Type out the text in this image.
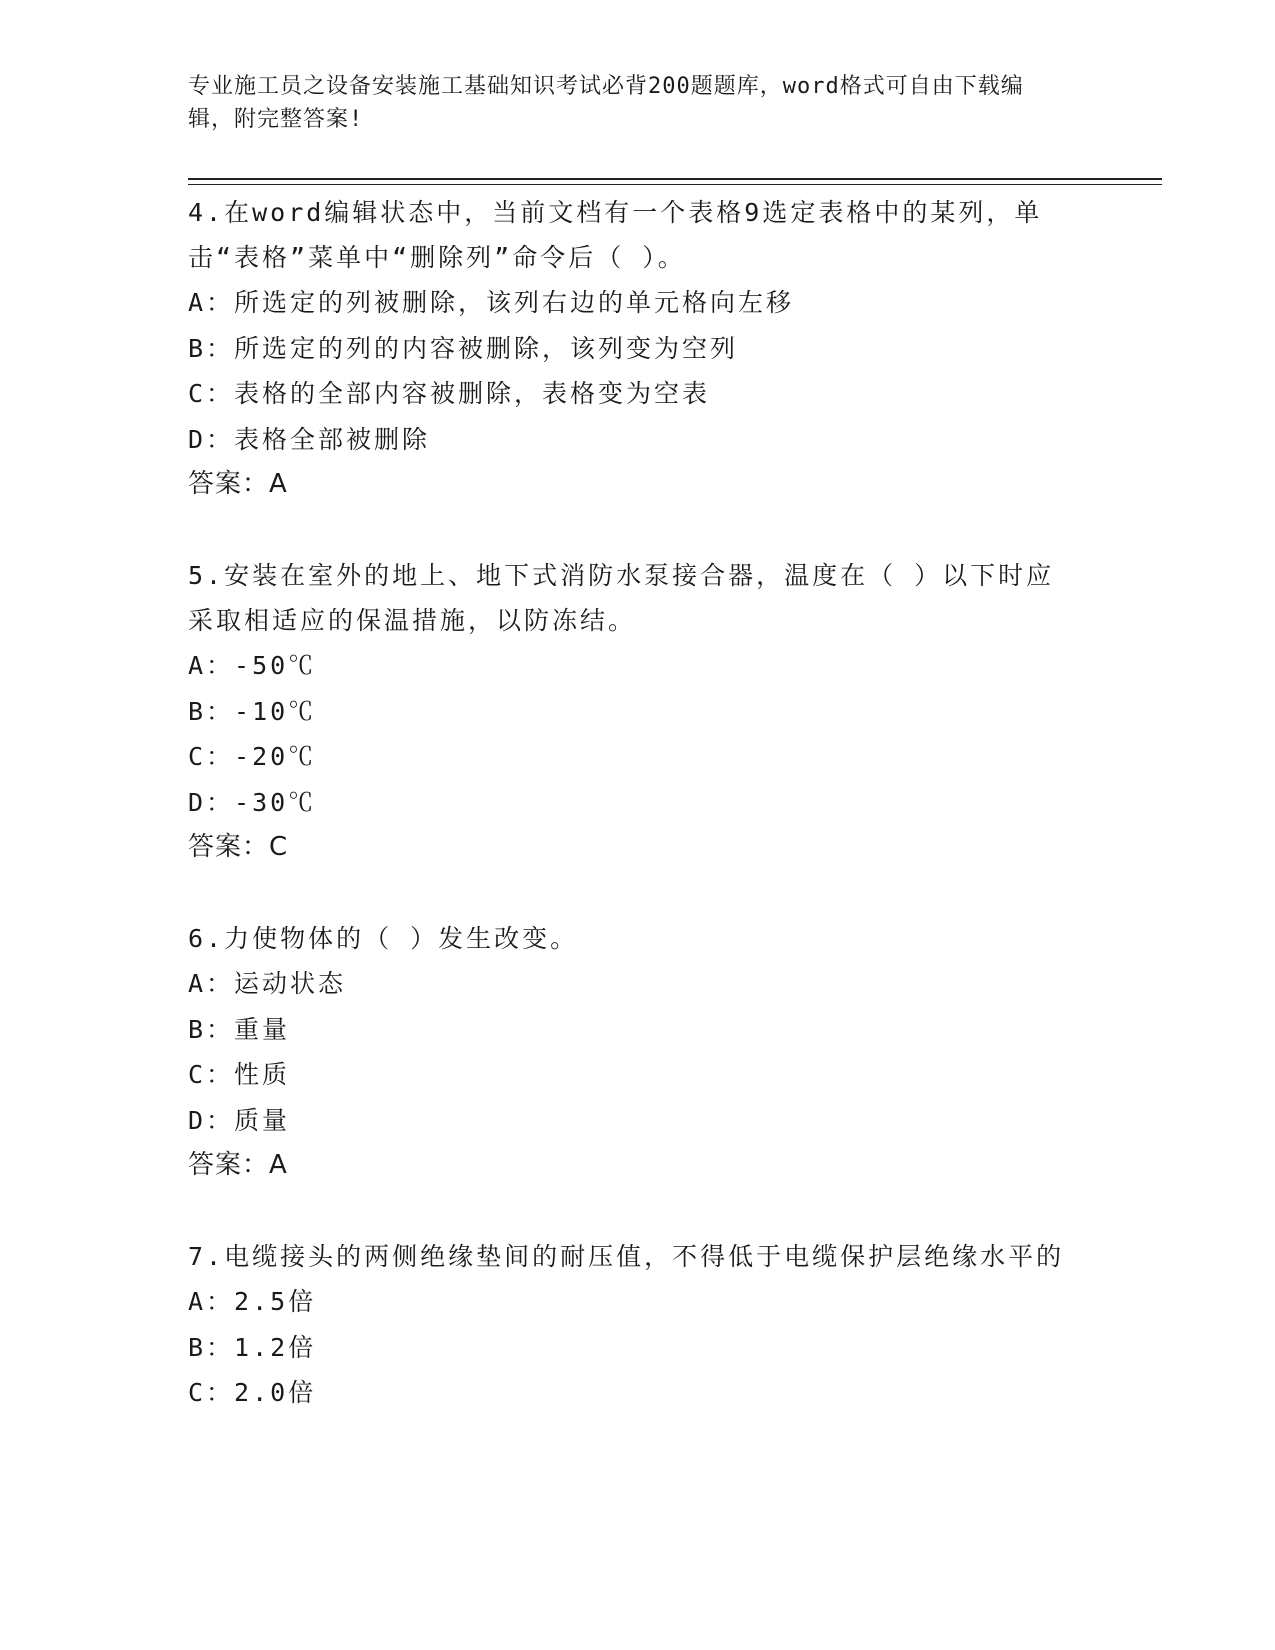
专业施工员之设备安装施工基础知识考试必背200题题库，word格式可自由下载编辑，附完整答案!
4.在word编辑状态中，当前文档有一个表格9选定表格中的某列，单击“表格”菜单中“删除列”命令后（ ）。
A：所选定的列被删除，该列右边的单元格向左移
B：所选定的列的内容被删除，该列变为空列
C：表格的全部内容被删除，表格变为空表
D：表格全部被删除
答案：A
5.安装在室外的地上、地下式消防水泵接合器，温度在（ ）以下时应采取相适应的保温措施，以防冻结。
A：-50℃
B：-10℃
C：-20℃
D：-30℃
答案：C
6.力使物体的（ ）发生改变。
A：运动状态
B：重量
C：性质
D：质量
答案：A
7.电缆接头的两侧绝缘垫间的耐压值，不得低于电缆保护层绝缘水平的
A：2.5倍
B：1.2倍
C：2.0倍
